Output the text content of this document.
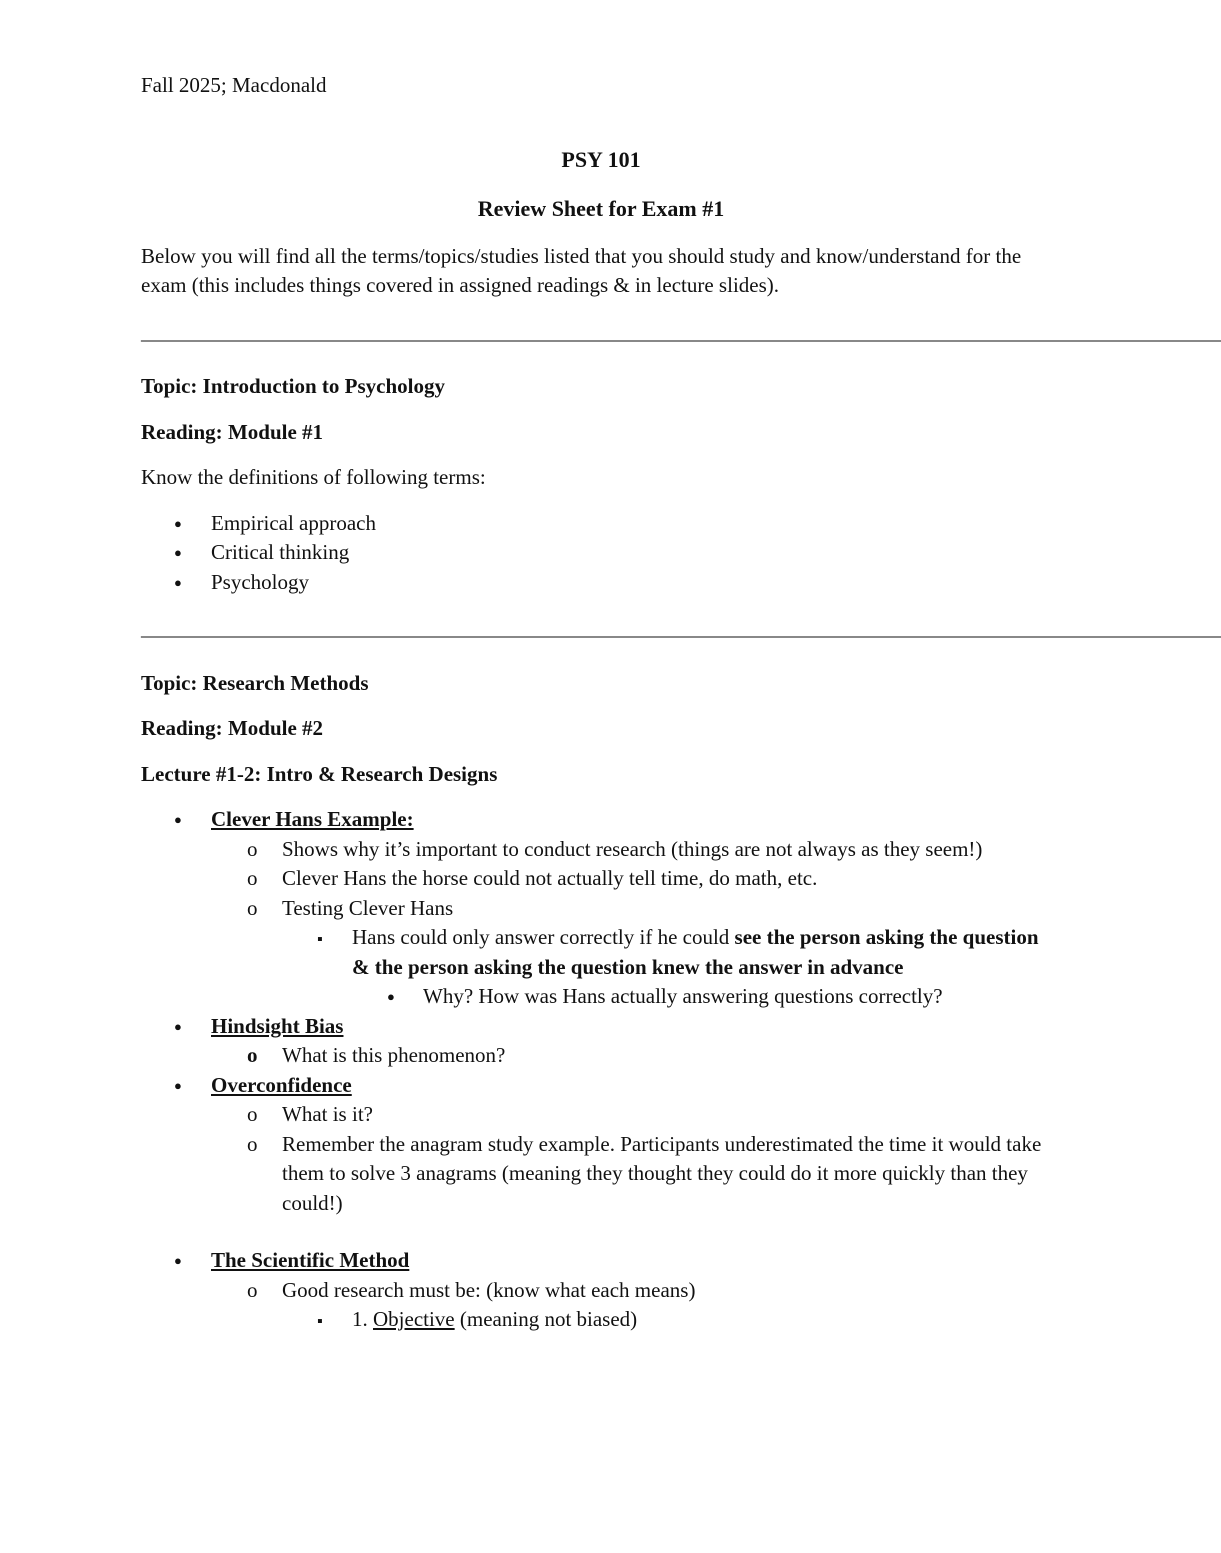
Fall 2025; Macdonald

PSY 101

Review Sheet for Exam #1

Below you will find all the terms/topics/studies listed that you should study and know/understand for the exam (this includes things covered in assigned readings & in lecture slides).

——————————————————————————————————————————————————————

Topic: Introduction to Psychology

Reading: Module #1

Know the definitions of following terms:

●
Empirical approach
●
Critical thinking
●
Psychology
——————————————————————————————————————————————————————

Topic: Research Methods

Reading: Module #2

Lecture #1-2: Intro & Research Designs

●
Clever Hans Example:
o
Shows why it’s important to conduct research (things are not always as they seem!)
o
Clever Hans the horse could not actually tell time, do math, etc.
o
Testing Clever Hans
▪
Hans could only answer correctly if he could see the person asking the question & the person asking the question knew the answer in advance
●
Why? How was Hans actually answering questions correctly?
●
Hindsight Bias
o
What is this phenomenon?
●
Overconfidence
o
What is it?
o
Remember the anagram study example. Participants underestimated the time it would take them to solve 3 anagrams (meaning they thought they could do it more quickly than they could!)
●
The Scientific Method
o
Good research must be: (know what each means)
▪
1. Objective (meaning not biased)
